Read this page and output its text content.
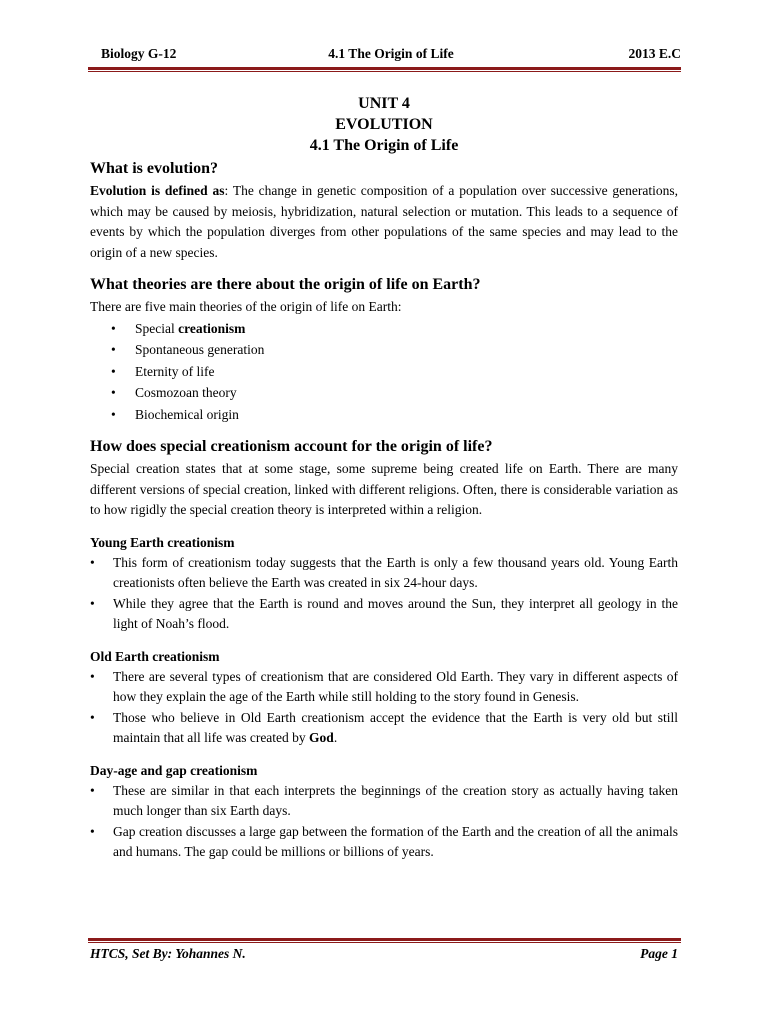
Biology G-12	4.1 The Origin of Life	2013 E.C
UNIT 4
EVOLUTION
4.1 The Origin of Life
What is evolution?

Evolution is defined as: The change in genetic composition of a population over successive generations, which may be caused by meiosis, hybridization, natural selection or mutation. This leads to a sequence of events by which the population diverges from other populations of the same species and may lead to the origin of a new species.

What theories are there about the origin of life on Earth?

There are five main theories of the origin of life on Earth:

• Special creationism
• Spontaneous generation
• Eternity of life
• Cosmozoan theory
• Biochemical origin
How does special creationism account for the origin of life?

Special creation states that at some stage, some supreme being created life on Earth. There are many different versions of special creation, linked with different religions. Often, there is considerable variation as to how rigidly the special creation theory is interpreted within a religion.

Young Earth creationism
• This form of creationism today suggests that the Earth is only a few thousand years old. Young Earth creationists often believe the Earth was created in six 24-hour days.
• While they agree that the Earth is round and moves around the Sun, they interpret all geology in the light of Noah’s flood.
Old Earth creationism
• There are several types of creationism that are considered Old Earth. They vary in different aspects of how they explain the age of the Earth while still holding to the story found in Genesis.
• Those who believe in Old Earth creationism accept the evidence that the Earth is very old but still maintain that all life was created by God.
Day-age and gap creationism
• These are similar in that each interprets the beginnings of the creation story as actually having taken much longer than six Earth days.
• Gap creation discusses a large gap between the formation of the Earth and the creation of all the animals and humans. The gap could be millions or billions of years.
HTCS, Set By: Yohannes N.	Page 1
